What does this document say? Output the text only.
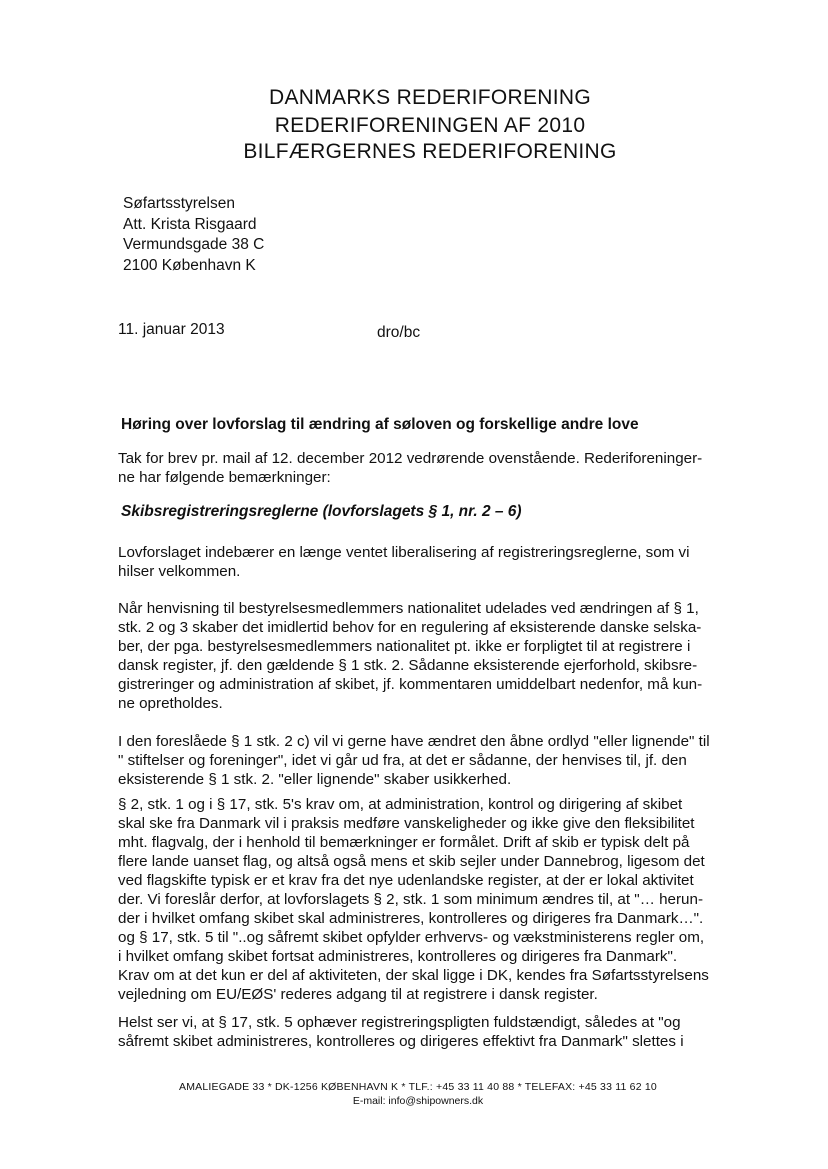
DANMARKS REDERIFORENING
REDERIFORENINGEN AF 2010
BILFÆRGERNES REDERIFORENING
Søfartsstyrelsen
Att. Krista Risgaard
Vermundsgade 38 C
2100 København K
11. januar 2013	dro/bc
Høring over lovforslag til ændring af søloven og forskellige andre love
Tak for brev pr. mail af 12. december 2012 vedrørende ovenstående. Rederiforeninger-
ne har følgende bemærkninger:
Skibsregistreringsreglerne (lovforslagets § 1, nr. 2 – 6)
Lovforslaget indebærer en længe ventet liberalisering af registreringsreglerne, som vi
hilser velkommen.
Når henvisning til bestyrelsesmedlemmers nationalitet udelades ved ændringen af § 1,
stk. 2 og 3 skaber det imidlertid behov for en regulering af eksisterende danske selska-
ber, der pga. bestyrelsesmedlemmers nationalitet pt. ikke er forpligtet til at registrere i
dansk register, jf. den gældende § 1 stk. 2. Sådanne eksisterende ejerforhold, skibsre-
gistreringer og administration af skibet, jf. kommentaren umiddelbart nedenfor, må kun-
ne opretholdes.
I den foreslåede § 1 stk. 2 c) vil vi gerne have ændret den åbne ordlyd "eller lignende" til
" stiftelser og foreninger", idet vi går ud fra, at det er sådanne, der henvises til, jf. den
eksisterende § 1 stk. 2. "eller lignende" skaber usikkerhed.
§ 2, stk. 1 og i § 17, stk. 5's krav om, at administration, kontrol og dirigering af skibet
skal ske fra Danmark vil i praksis medføre vanskeligheder og ikke give den fleksibilitet
mht. flagvalg, der i henhold til bemærkninger er formålet. Drift af skib er typisk delt på
flere lande uanset flag, og altså også mens et skib sejler under Dannebrog, ligesom det
ved flagskifte typisk er et krav fra det nye udenlandske register, at der er lokal aktivitet
der. Vi foreslår derfor, at lovforslagets § 2, stk. 1 som minimum ændres til, at "… herun-
der i hvilket omfang skibet skal administreres, kontrolleres og dirigeres fra Danmark…".
og § 17, stk. 5 til "..og såfremt skibet opfylder erhvervs- og vækstministerens regler om,
i hvilket omfang skibet fortsat administreres, kontrolleres og dirigeres fra Danmark".
Krav om at det kun er del af aktiviteten, der skal ligge i DK, kendes fra Søfartsstyrelsens
vejledning om EU/EØS' rederes adgang til at registrere i dansk register.
Helst ser vi, at § 17, stk. 5 ophæver registreringspligten fuldstændigt, således at "og
såfremt skibet administreres, kontrolleres og dirigeres effektivt fra Danmark" slettes i
AMALIEGADE 33 * DK-1256 KØBENHAVN K * TLF.: +45 33 11 40 88 * TELEFAX: +45 33 11 62 10
E-mail: info@shipowners.dk
